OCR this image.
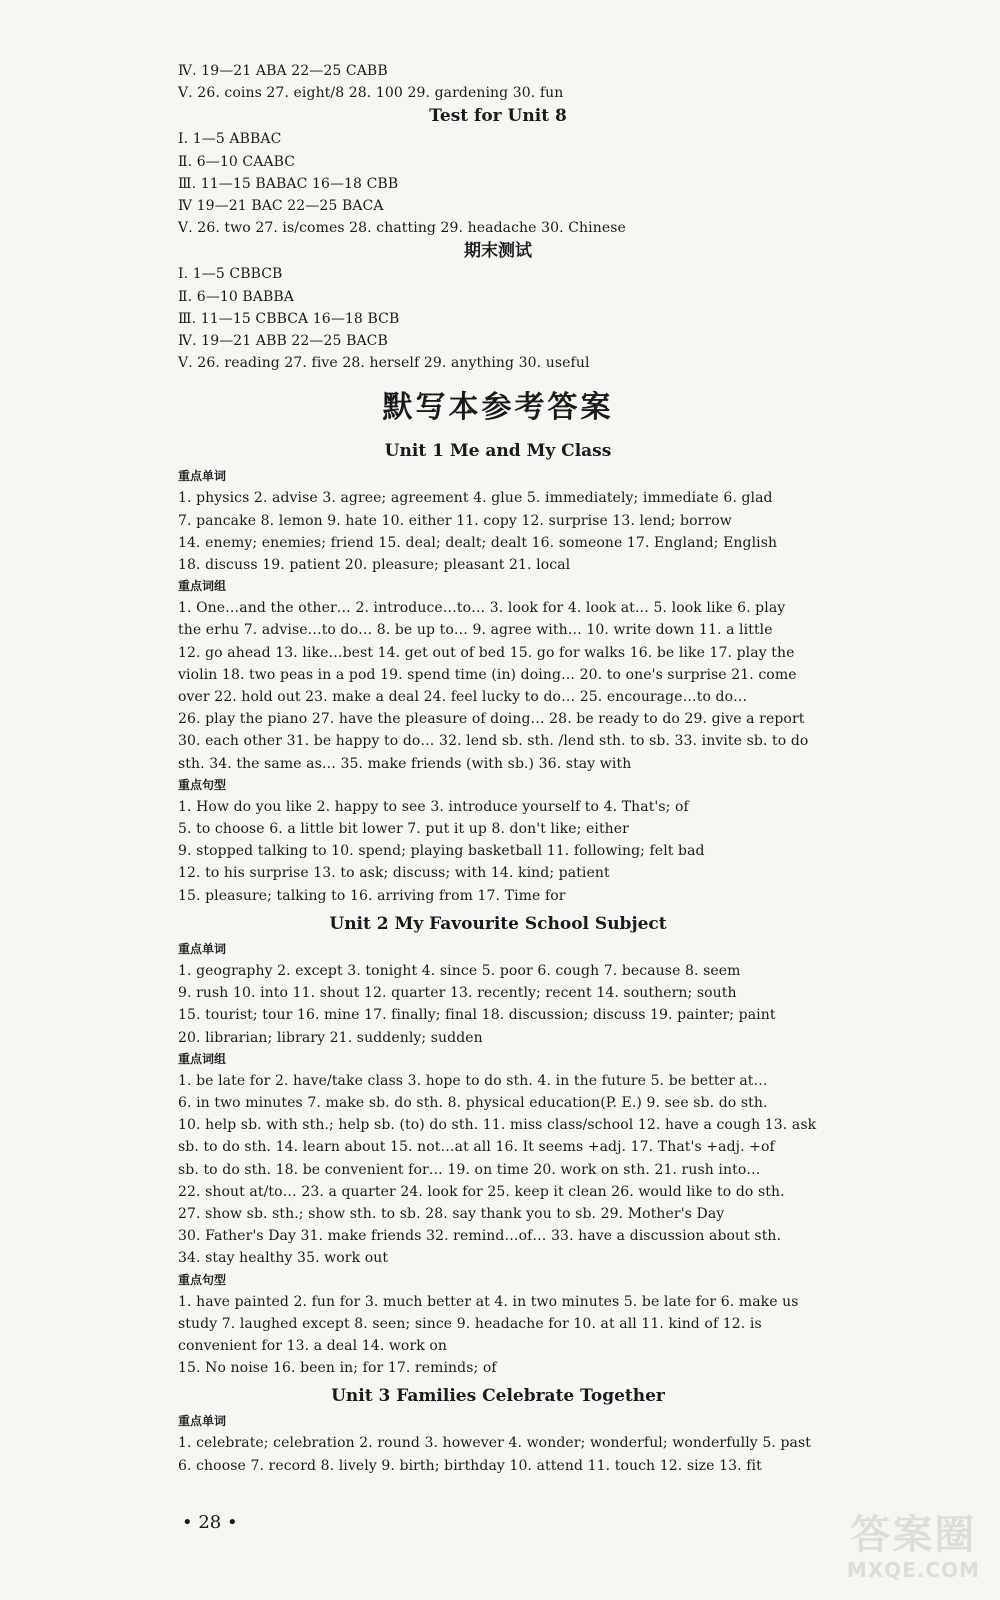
Ⅳ. 19—21 ABA 22—25 CABB
Ⅴ. 26. coins 27. eight/8 28. 100 29. gardening 30. fun
Test for Unit 8
Ⅰ. 1—5 ABBAC
Ⅱ. 6—10 CAABC
Ⅲ. 11—15 BABAC 16—18 CBB
Ⅳ 19—21 BAC 22—25 BACA
Ⅴ. 26. two 27. is/comes 28. chatting 29. headache 30. Chinese
期末测试
Ⅰ. 1—5 CBBCB
Ⅱ. 6—10 BABBA
Ⅲ. 11—15 CBBCA 16—18 BCB
Ⅳ. 19—21 ABB 22—25 BACB
Ⅴ. 26. reading 27. five 28. herself 29. anything 30. useful
默写本参考答案
Unit 1 Me and My Class
重点单词
1. physics 2. advise 3. agree; agreement 4. glue 5. immediately; immediate 6. glad
7. pancake 8. lemon 9. hate 10. either 11. copy 12. surprise 13. lend; borrow
14. enemy; enemies; friend 15. deal; dealt; dealt 16. someone 17. England; English
18. discuss 19. patient 20. pleasure; pleasant 21. local
重点词组
1. One…and the other… 2. introduce…to… 3. look for 4. look at… 5. look like 6. play
the erhu 7. advise…to do… 8. be up to… 9. agree with… 10. write down 11. a little
12. go ahead 13. like…best 14. get out of bed 15. go for walks 16. be like 17. play the
violin 18. two peas in a pod 19. spend time (in) doing… 20. to one's surprise 21. come
over 22. hold out 23. make a deal 24. feel lucky to do… 25. encourage…to do…
26. play the piano 27. have the pleasure of doing… 28. be ready to do 29. give a report
30. each other 31. be happy to do… 32. lend sb. sth. /lend sth. to sb. 33. invite sb. to do
sth. 34. the same as… 35. make friends (with sb.) 36. stay with
重点句型
1. How do you like 2. happy to see 3. introduce yourself to 4. That's; of
5. to choose 6. a little bit lower 7. put it up 8. don't like; either
9. stopped talking to 10. spend; playing basketball 11. following; felt bad
12. to his surprise 13. to ask; discuss; with 14. kind; patient
15. pleasure; talking to 16. arriving from 17. Time for
Unit 2 My Favourite School Subject
重点单词
1. geography 2. except 3. tonight 4. since 5. poor 6. cough 7. because 8. seem
9. rush 10. into 11. shout 12. quarter 13. recently; recent 14. southern; south
15. tourist; tour 16. mine 17. finally; final 18. discussion; discuss 19. painter; paint
20. librarian; library 21. suddenly; sudden
重点词组
1. be late for 2. have/take class 3. hope to do sth. 4. in the future 5. be better at…
6. in two minutes 7. make sb. do sth. 8. physical education(P. E.) 9. see sb. do sth.
10. help sb. with sth.; help sb. (to) do sth. 11. miss class/school 12. have a cough 13. ask
sb. to do sth. 14. learn about 15. not…at all 16. It seems +adj. 17. That's +adj. +of
sb. to do sth. 18. be convenient for… 19. on time 20. work on sth. 21. rush into…
22. shout at/to… 23. a quarter 24. look for 25. keep it clean 26. would like to do sth.
27. show sb. sth.; show sth. to sb. 28. say thank you to sb. 29. Mother's Day
30. Father's Day 31. make friends 32. remind…of… 33. have a discussion about sth.
34. stay healthy 35. work out
重点句型
1. have painted 2. fun for 3. much better at 4. in two minutes 5. be late for 6. make us
study 7. laughed except 8. seen; since 9. headache for 10. at all 11. kind of 12. is
convenient for 13. a deal 14. work on
15. No noise 16. been in; for 17. reminds; of
Unit 3 Families Celebrate Together
重点单词
1. celebrate; celebration 2. round 3. however 4. wonder; wonderful; wonderfully 5. past
6. choose 7. record 8. lively 9. birth; birthday 10. attend 11. touch 12. size 13. fit
• 28 •	答案圈
MXQE.COM
